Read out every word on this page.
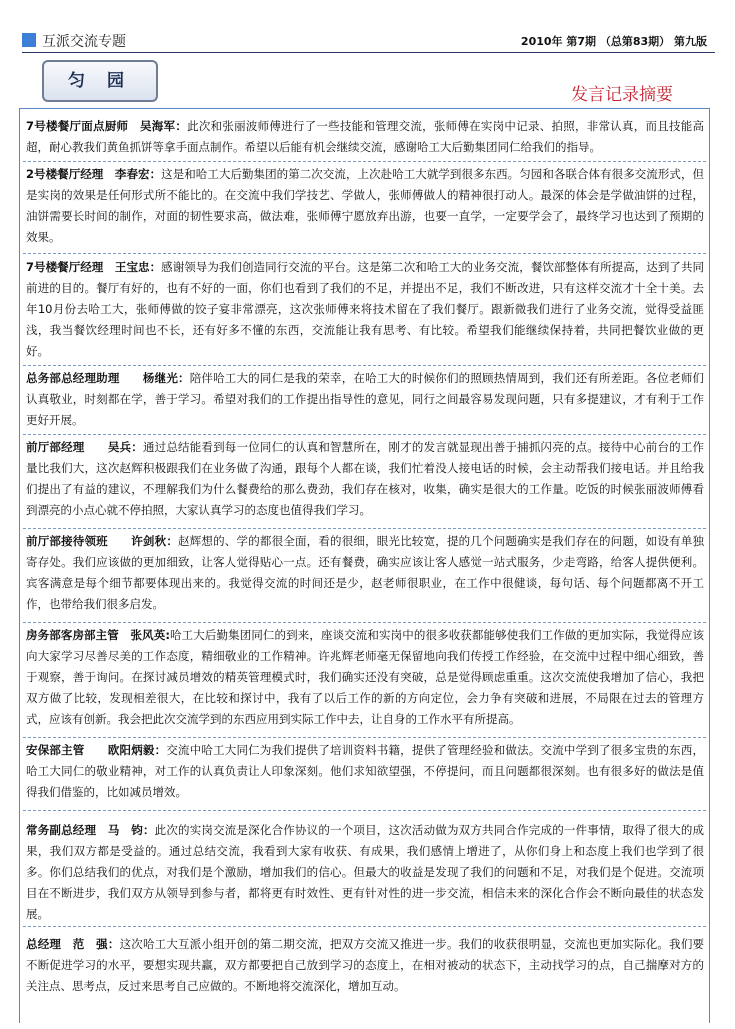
互派交流专题	2010年 第7期 （总第83期） 第九版
匀 园
发言记录摘要
7号楼餐厅面点厨师　吴海军：此次和张丽波师傅进行了一些技能和管理交流，张师傅在实岗中记录、拍照，非常认真，而且技能高超，耐心教我们黄鱼抓饼等拿手面点制作。希望以后能有机会继续交流，感谢哈工大后勤集团同仁给我们的指导。
2号楼餐厅经理　李春宏：这是和哈工大后勤集团的第二次交流，上次赴哈工大就学到很多东西。匀园和各联合体有很多交流形式，但是实岗的效果是任何形式所不能比的。在交流中我们学技艺、学做人，张师傅做人的精神很打动人。最深的体会是学做油饼的过程，油饼需要长时间的制作，对面的韧性要求高，做法难，张师傅宁愿放弃出游，也要一直学，一定要学会了，最终学习也达到了预期的效果。
7号楼餐厅经理　王宝忠：感谢领导为我们创造同行交流的平台。这是第二次和哈工大的业务交流，餐饮部整体有所提高，达到了共同前进的目的。餐厅有好的，也有不好的一面，你们也看到了我们的不足，并提出不足，我们不断改进，只有这样交流才十全十美。去年10月份去哈工大，张师傅做的饺子宴非常漂亮，这次张师傅来将技术留在了我们餐厅。跟新微我们进行了业务交流，觉得受益匪浅，我当餐饮经理时间也不长，还有好多不懂的东西，交流能让我有思考、有比较。希望我们能继续保持着，共同把餐饮业做的更好。
总务部总经理助理　　杨继光：陪伴哈工大的同仁是我的荣幸，在哈工大的时候你们的照顾热情周到，我们还有所差距。各位老师们认真敬业，时刻都在学，善于学习。希望对我们的工作提出指导性的意见，同行之间最容易发现问题，只有多提建议，才有利于工作更好开展。
前厅部经理　　吴兵：通过总结能看到每一位同仁的认真和智慧所在，刚才的发言就显现出善于捕抓闪亮的点。接待中心前台的工作量比我们大，这次赵辉积极跟我们在业务做了沟通，跟每个人都在谈，我们忙着没人接电话的时候，会主动帮我们接电话。并且给我们提出了有益的建议，不理解我们为什么餐费给的那么费劲，我们存在核对，收集，确实是很大的工作量。吃饭的时候张丽波师傅看到漂亮的小点心就不停拍照，大家认真学习的态度也值得我们学习。
前厅部接待领班　　许剑秋：赵辉想的、学的都很全面，看的很细，眼光比较宽，提的几个问题确实是我们存在的问题，如设有单独寄存处。我们应该做的更加细致，让客人觉得贴心一点。还有餐费，确实应该让客人感觉一站式服务，少走弯路，给客人提供便利。宾客满意是每个细节都要体现出来的。我觉得交流的时间还是少，赵老师很职业，在工作中很健谈，每句话、每个问题都离不开工作，也带给我们很多启发。
房务部客房部主管　张风英:哈工大后勤集团同仁的到来，座谈交流和实岗中的很多收获都能够使我们工作做的更加实际，我觉得应该向大家学习尽善尽美的工作态度，精细敬业的工作精神。许兆辉老师毫无保留地向我们传授工作经验，在交流中过程中细心细致，善于观察，善于询问。在探讨减员增效的精英管理模式时，我们确实还没有突破，总是觉得顾虑重重。这次交流使我增加了信心，我把双方做了比较，发现相差很大，在比较和探讨中，我有了以后工作的新的方向定位，会力争有突破和进展，不局限在过去的管理方式，应该有创新。我会把此次交流学到的东西应用到实际工作中去，让自身的工作水平有所提高。
安保部主管　　欧阳炳毅：交流中哈工大同仁为我们提供了培训资料书籍，提供了管理经验和做法。交流中学到了很多宝贵的东西，哈工大同仁的敬业精神，对工作的认真负责让人印象深刻。他们求知欲望强，不停提问，而且问题都很深刻。也有很多好的做法是值得我们借鉴的，比如减员增效。
常务副总经理　马　钧：此次的实岗交流是深化合作协议的一个项目，这次活动做为双方共同合作完成的一件事情，取得了很大的成果，我们双方都是受益的。通过总结交流，我看到大家有收获、有成果，我们感情上增进了，从你们身上和态度上我们也学到了很多。你们总结我们的优点，对我们是个激励，增加我们的信心。但最大的收益是发现了我们的问题和不足，对我们是个促进。交流项目在不断进步，我们双方从领导到参与者，都将更有时效性、更有针对性的进一步交流，相信未来的深化合作会不断向最佳的状态发展。
总经理　范　强：这次哈工大互派小组开创的第二期交流，把双方交流又推进一步。我们的收获很明显，交流也更加实际化。我们要不断促进学习的水平，要想实现共赢，双方都要把自己放到学习的态度上，在相对被动的状态下，主动找学习的点，自己揣摩对方的关注点、思考点，反过来思考自己应做的。不断地将交流深化，增加互动。
